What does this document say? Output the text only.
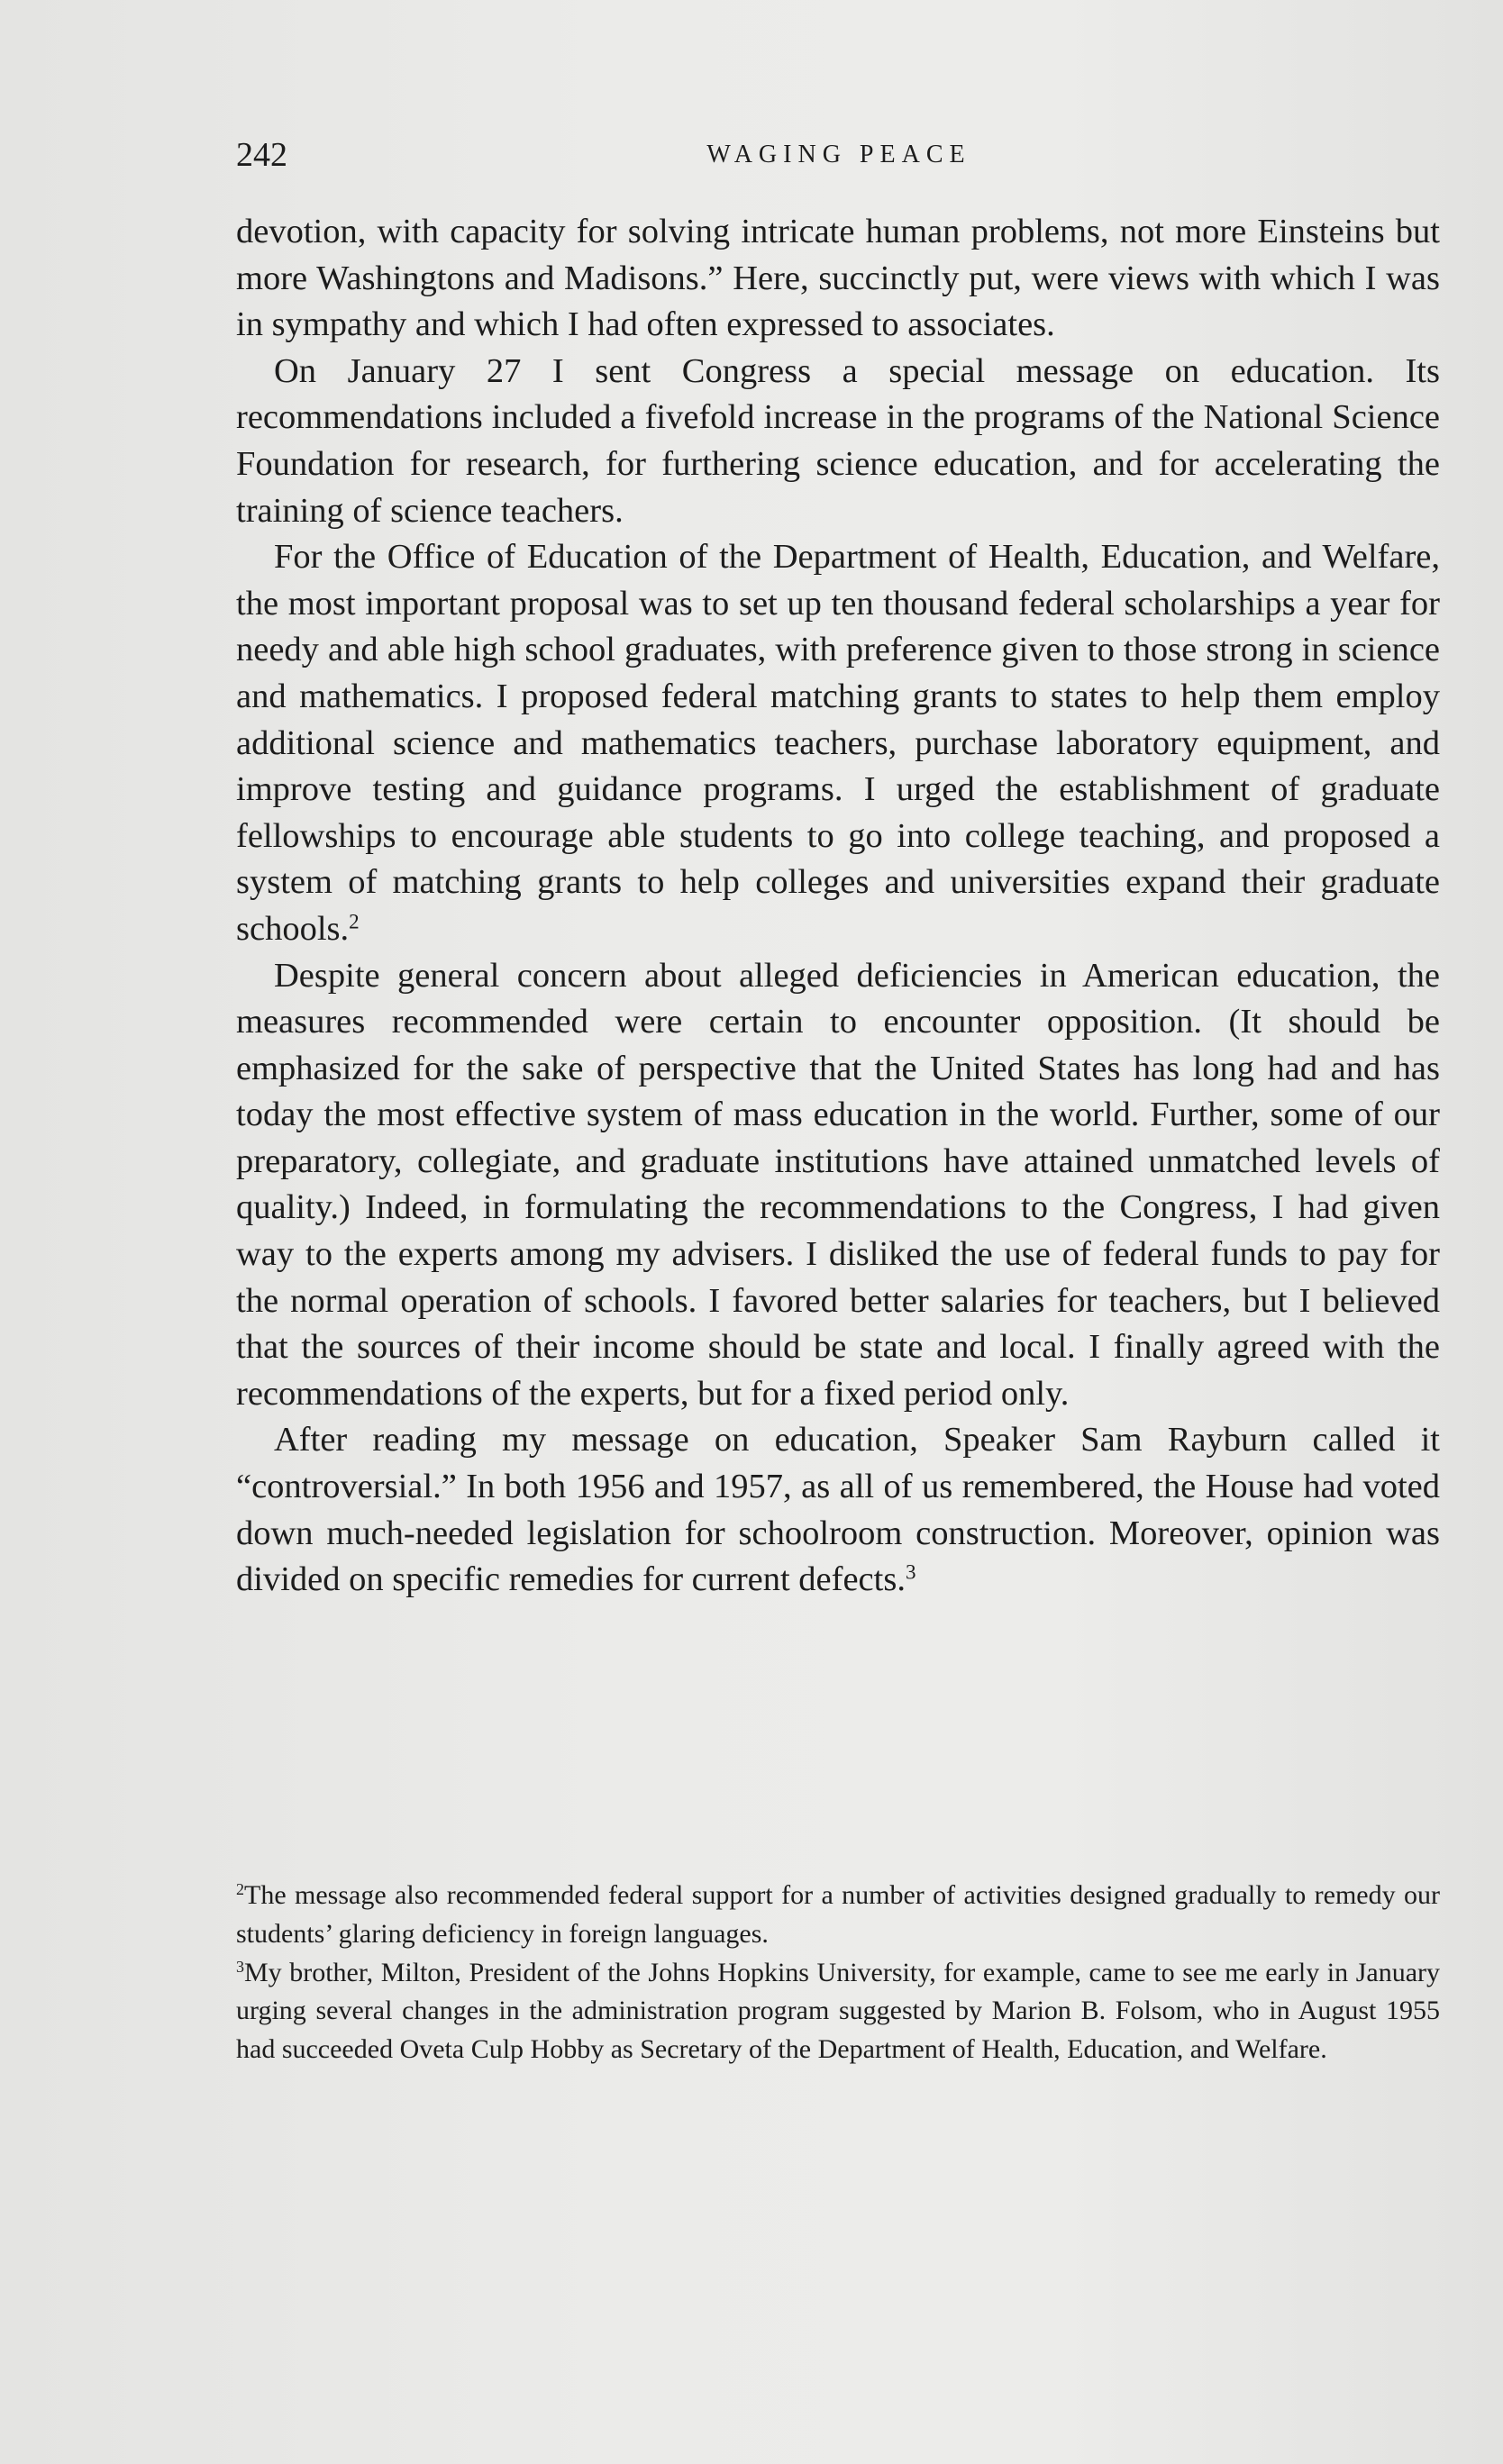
242	WAGING PEACE

devotion, with capacity for solving intricate human problems, not more Einsteins but more Washingtons and Madisons.” Here, succinctly put, were views with which I was in sympathy and which I had often expressed to associates.

On January 27 I sent Congress a special message on education. Its recommendations included a fivefold increase in the programs of the National Science Foundation for research, for furthering science education, and for accelerating the training of science teachers.

For the Office of Education of the Department of Health, Education, and Welfare, the most important proposal was to set up ten thousand federal scholarships a year for needy and able high school graduates, with preference given to those strong in science and mathematics. I proposed federal matching grants to states to help them employ additional science and mathematics teachers, purchase laboratory equipment, and improve testing and guidance programs. I urged the establishment of graduate fellowships to encourage able students to go into college teaching, and proposed a system of matching grants to help colleges and universities expand their graduate schools.$^2$

Despite general concern about alleged deficiencies in American education, the measures recommended were certain to encounter opposition. (It should be emphasized for the sake of perspective that the United States has long had and has today the most effective system of mass education in the world. Further, some of our preparatory, collegiate, and graduate institutions have attained unmatched levels of quality.) Indeed, in formulating the recommendations to the Congress, I had given way to the experts among my advisers. I disliked the use of federal funds to pay for the normal operation of schools. I favored better salaries for teachers, but I believed that the sources of their income should be state and local. I finally agreed with the recommendations of the experts, but for a fixed period only.

After reading my message on education, Speaker Sam Rayburn called it “controversial.” In both 1956 and 1957, as all of us remembered, the House had voted down much-needed legislation for schoolroom construction. Moreover, opinion was divided on specific remedies for current defects.$^3$

$^2$The message also recommended federal support for a number of activities designed gradually to remedy our students’ glaring deficiency in foreign languages.

$^3$My brother, Milton, President of the Johns Hopkins University, for example, came to see me early in January urging several changes in the administration program suggested by Marion B. Folsom, who in August 1955 had succeeded Oveta Culp Hobby as Secretary of the Department of Health, Education, and Welfare.
